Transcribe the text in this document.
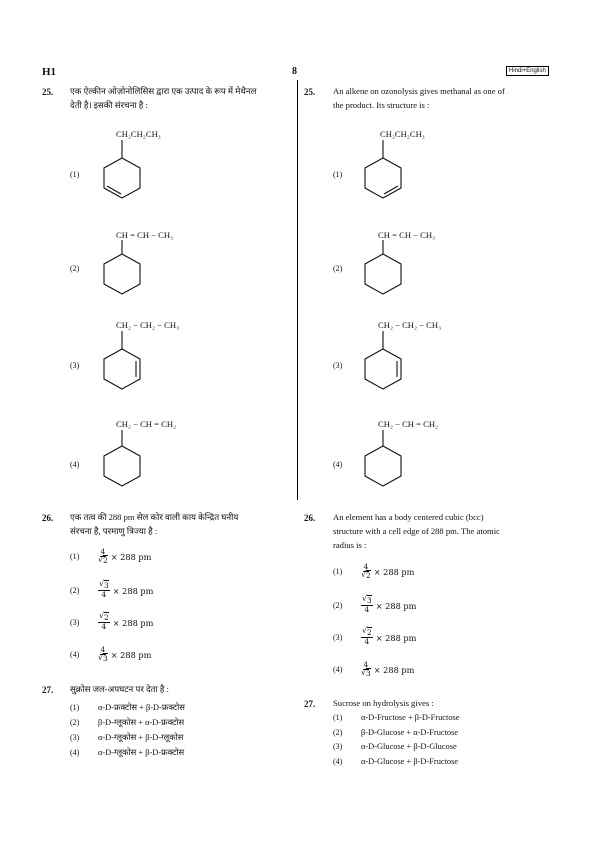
H1	8	Hindi+English
25. एक ऐल्कीन ओज़ोनोलिसिस द्वारा एक उत्पाद के रूप में मेथैनल
देती है। इसकी संरचना है :
(1)
CH₂CH₂CH₃
(2)
CH = CH − CH₃
(3)
CH₂ − CH₂ − CH₃
(4)
CH₂ − CH = CH₂
25. An alkene on ozonolysis gives methanal as one of
the product. Its structure is :
(1)
CH₂CH₂CH₃
(2)
CH = CH − CH₃
(3)
CH₂ − CH₂ − CH₃
(4)
CH₂ − CH = CH₂
26. एक तत्व की 288 pm सेल कोर वाली काय केन्द्रित घनीय
संरचना है, परमाणु त्रिज्या है :
(1)	4
√ 2 × 288 pm
(2)	√ $\frac{3}{4} \times 288$ pm
(3)	√ $\frac{2}{4} \times 288$ pm
(4)	4
√ 3 × 288 pm
26. An element has a body centered cubic (bcc)
structure with a cell edge of 288 pm. The atomic
radius is :
(1)	4
√ 2 × 288 pm
(2)	√ $\frac{3}{4} \times 288$ pm
(3)	√ $\frac{2}{4} \times 288$ pm
(4)	4
√ 3 × 288 pm
27. सुक्रोस जल-अपघटन पर देता है :
(1) α-D-फ्रक्टोस + β-D-फ्रक्टोस
(2) β-D-ग्लूकोस + α-D-फ्रक्टोस
(3) α-D-ग्लूकोस + β-D-ग्लूकोस
(4) α-D-ग्लूकोस + β-D-फ्रक्टोस
27. Sucrose on hydrolysis gives :
(1) α-D-Fructose + β-D-Fructose
(2) β-D-Glucose + α-D-Fructose
(3) α-D-Glucose + β-D-Glucose
(4) α-D-Glucose + β-D-Fructose
